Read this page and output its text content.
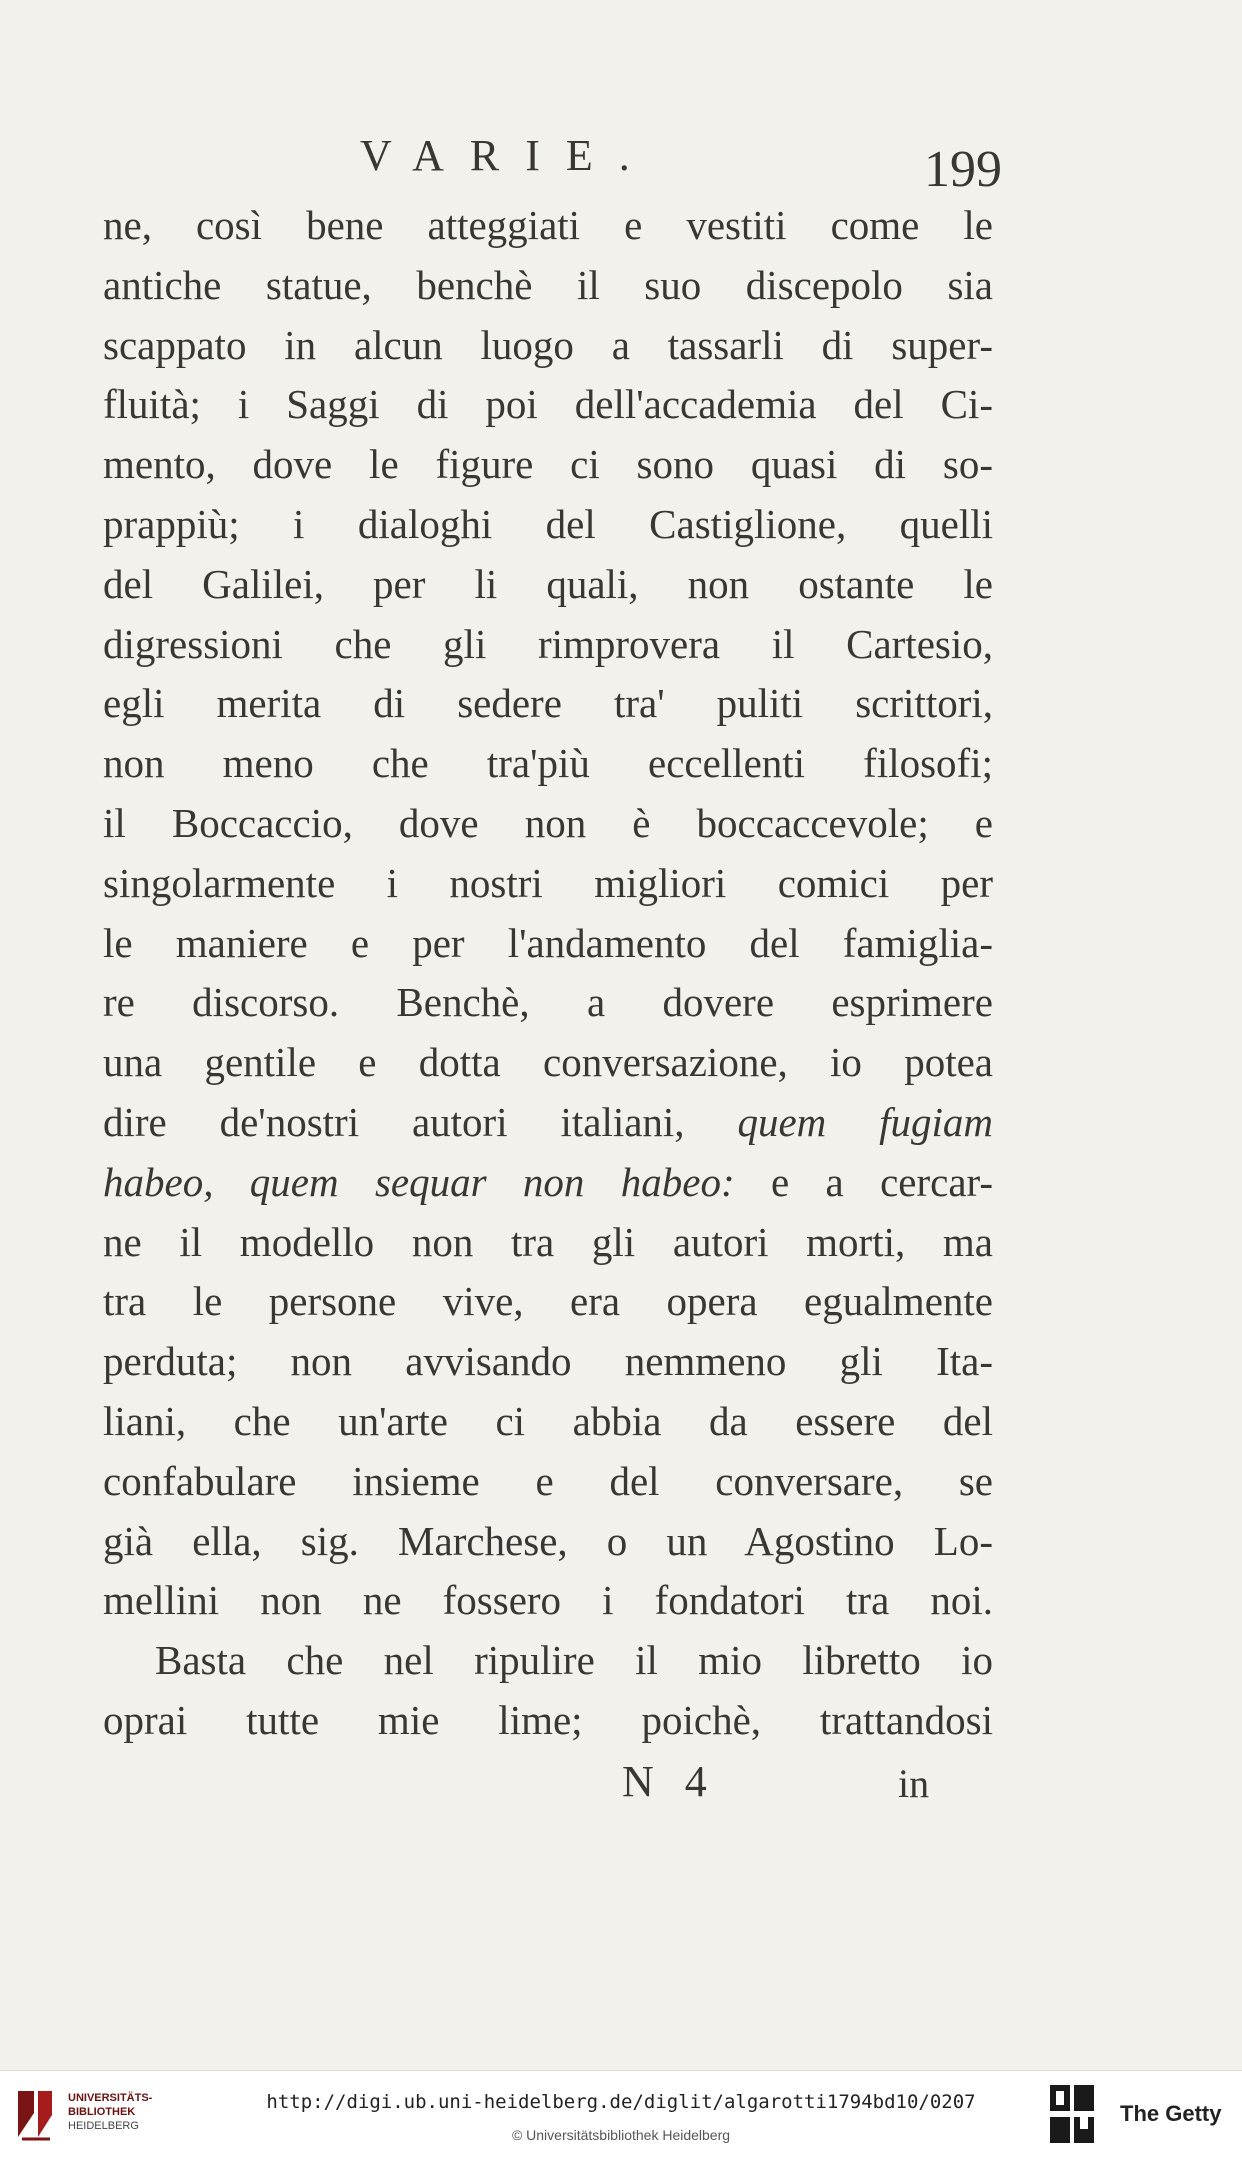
VARIE.	199
ne, così bene atteggiati e vestiti come le
antiche statue, benchè il suo discepolo sia
scappato in alcun luogo a tassarli di super-
fluità; i Saggi di poi dell'accademia del Ci-
mento, dove le figure ci sono quasi di so-
prappiù; i dialoghi del Castiglione, quelli
del Galilei, per li quali, non ostante le
digressioni che gli rimprovera il Cartesio,
egli merita di sedere tra' puliti scrittori,
non meno che tra'più eccellenti filosofi;
il Boccaccio, dove non è boccaccevole; e
singolarmente i nostri migliori comici per
le maniere e per l'andamento del famiglia-
re discorso. Benchè, a dovere esprimere
una gentile e dotta conversazione, io potea
dire de'nostri autori italiani, quem fugiam
habeo, quem sequar non habeo: e a cercar-
ne il modello non tra gli autori morti, ma
tra le persone vive, era opera egualmente
perduta; non avvisando nemmeno gli Ita-
liani, che un'arte ci abbia da essere del
confabulare insieme e del conversare, se
già ella, sig. Marchese, o un Agostino Lo-
mellini non ne fossero i fondatori tra noi.
Basta che nel ripulire il mio libretto io
oprai tutte mie lime; poichè, trattandosi
N 4	in
UNIVERSITÄTS-
BIBLIOTHEK
HEIDELBERG
http://digi.ub.uni-heidelberg.de/diglit/algarotti1794bd10/0207
© Universitätsbibliothek Heidelberg
The Getty
